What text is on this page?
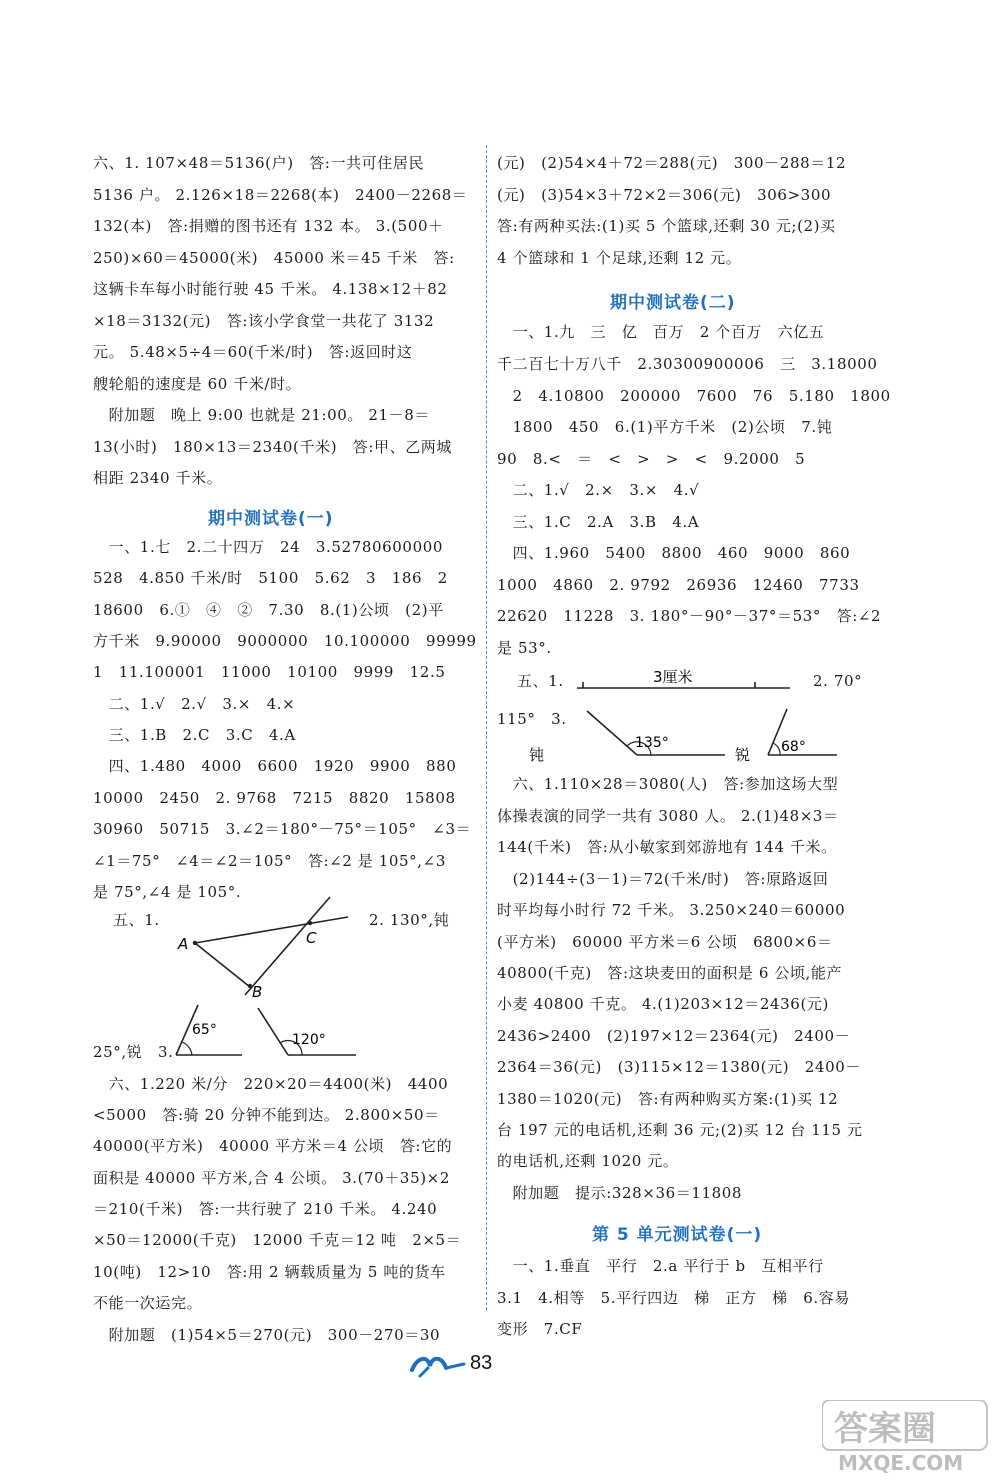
六、1. 107×48＝5136(户)　答:一共可住居民
5136 户。 2.126×18＝2268(本)　2400－2268＝
132(本)　答:捐赠的图书还有 132 本。 3.(500＋
250)×60＝45000(米)　45000 米＝45 千米　答:
这辆卡车每小时能行驶 45 千米。 4.138×12＋82
×18＝3132(元)　答:该小学食堂一共花了 3132
元。 5.48×5÷4＝60(千米/时)　答:返回时这
艘轮船的速度是 60 千米/时。
　附加题　晚上 9:00 也就是 21:00。 21－8＝
13(小时)　180×13＝2340(千米)　答:甲、乙两城
相距 2340 千米。
期中测试卷(一)
　一、1.七　2.二十四万　24　3.52780600000
528　4.850 千米/时　5100　5.62　3　186　2
18600　6.①　④　②　7.30　8.(1)公顷　(2)平
方千米　9.90000　9000000　10.100000　99999
1　11.100001　11000　10100　9999　12.5
　二、1.√　2.√　3.×　4.×
　三、1.B　2.C　3.C　4.A
　四、1.480　4000　6600　1920　9900　880
10000　2450　2. 9768　7215　8820　15808
30960　50715　3.∠2＝180°－75°＝105°　∠3＝
∠1＝75°　∠4＝∠2＝105°　答:∠2 是 105°,∠3
是 75°,∠4 是 105°.
五、1.	2. 130°,钝
A	C
B
25°,锐　3.
65°
120°
　六、1.220 米/分　220×20＝4400(米)　4400
<5000　答:骑 20 分钟不能到达。 2.800×50＝
40000(平方米)　40000 平方米＝4 公顷　答:它的
面积是 40000 平方米,合 4 公顷。 3.(70＋35)×2
＝210(千米)　答:一共行驶了 210 千米。 4.240
×50＝12000(千克)　12000 千克＝12 吨　2×5＝
10(吨)　12>10　答:用 2 辆载质量为 5 吨的货车
不能一次运完。
　附加题　(1)54×5＝270(元)　300－270＝30
(元)　(2)54×4＋72＝288(元)　300－288＝12
(元)　(3)54×3＋72×2＝306(元)　306>300
答:有两种买法:(1)买 5 个篮球,还剩 30 元;(2)买
4 个篮球和 1 个足球,还剩 12 元。
期中测试卷(二)
　一、1.九　三　亿　百万　2 个百万　六亿五
千二百七十万八千　2.30300900006　三　3.18000
　2　4.10800　200000　7600　76　5.180　1800
　1800　450　6.(1)平方千米　(2)公顷　7.钝
90　8.<　＝　<　>　>　<　9.2000　5
　二、1.√　2.×　3.×　4.√
　三、1.C　2.A　3.B　4.A
　四、1.960　5400　8800　460　9000　860
1000　4860　2. 9792　26936　12460　7733
22620　11228　3. 180°－90°－37°＝53°　答:∠2
是 53°.
五、1.	3厘米	2. 70°
115°　3.
135°
钝	锐 68°
　六、1.110×28＝3080(人)　答:参加这场大型
体操表演的同学一共有 3080 人。 2.(1)48×3＝
144(千米)　答:从小敏家到郊游地有 144 千米。
　(2)144÷(3－1)＝72(千米/时)　答:原路返回
时平均每小时行 72 千米。 3.250×240＝60000
(平方米)　60000 平方米＝6 公顷　6800×6＝
40800(千克)　答:这块麦田的面积是 6 公顷,能产
小麦 40800 千克。 4.(1)203×12＝2436(元)
2436>2400　(2)197×12＝2364(元)　2400－
2364＝36(元)　(3)115×12＝1380(元)　2400－
1380＝1020(元)　答:有两种购买方案:(1)买 12
台 197 元的电话机,还剩 36 元;(2)买 12 台 115 元
的电话机,还剩 1020 元。
　附加题　提示:328×36＝11808
第 5 单元测试卷(一)
　一、1.垂直　平行　2.a 平行于 b　互相平行
3.1　4.相等　5.平行四边　梯　正方　梯　6.容易
变形　7.CF
83
答案圈
MXQE.COM
